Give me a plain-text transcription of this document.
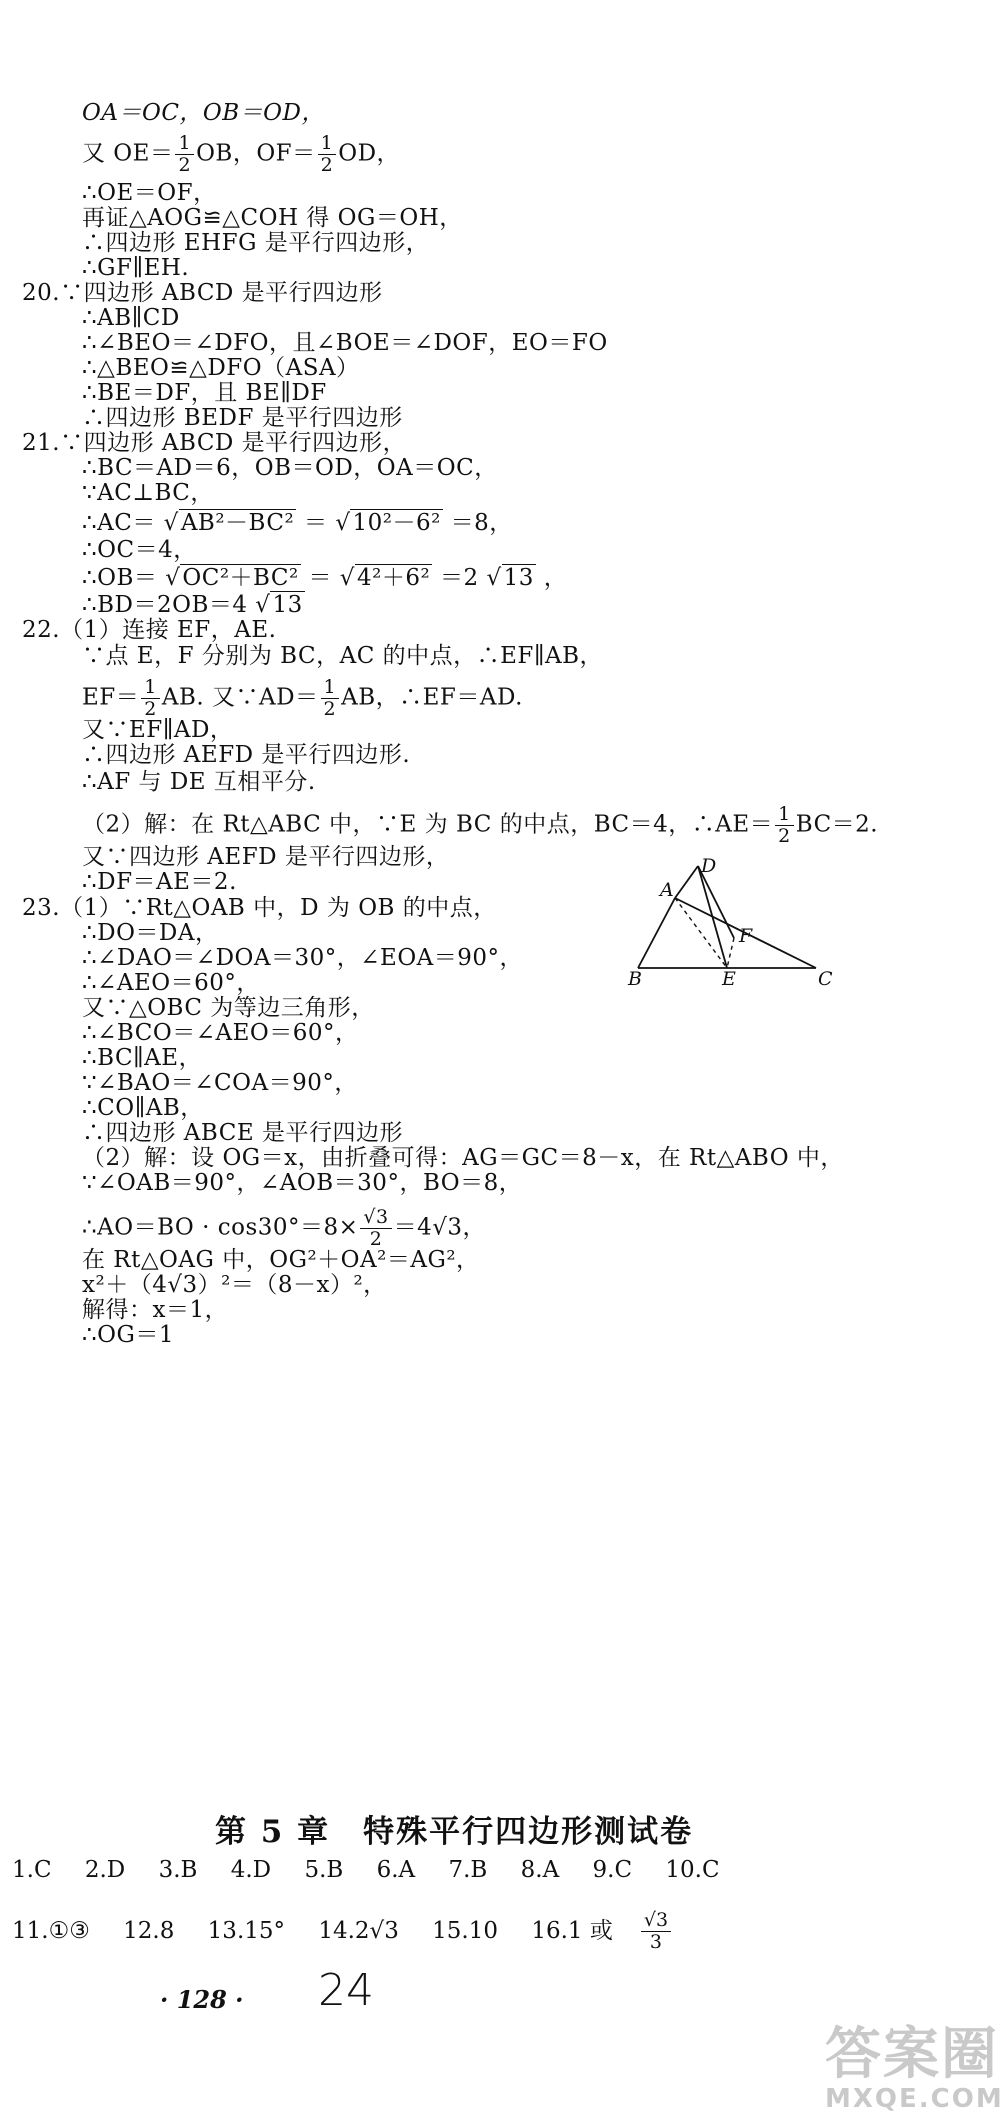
OA＝OC，OB＝OD，
又 $OE= \frac{1}{2}$ OB，$OF= \frac{1}{2}$ OD，
∴OE＝OF，
再证△AOG≌△COH 得 OG＝OH，
∴四边形 EHFG 是平行四边形，
∴GF∥EH.
20.∵四边形 ABCD 是平行四边形
∴AB∥CD
∴∠BEO＝∠DFO，且∠BOE＝∠DOF，EO＝FO
∴△BEO≌△DFO（ASA）
∴BE＝DF，且 BE∥DF
∴四边形 BEDF 是平行四边形
21.∵四边形 ABCD 是平行四边形，
∴BC＝AD＝6，OB＝OD，OA＝OC，
∵AC⊥BC，
∴AC＝ √AB²－BC² ＝ √10²－6² ＝8，
∴OC＝4，
∴OB＝ √OC²＋BC² ＝ √4²＋6² ＝2 √13 ，
∴BD＝2OB＝4 √13
22.（1）连接 EF，AE.
∵点 E，F 分别为 BC，AC 的中点，∴EF∥AB，
$EF= \frac{1}{2}$ AB. 又∵AD＝ $\frac{1}{2}$ AB，∴EF＝AD.
又∵EF∥AD，
∴四边形 AEFD 是平行四边形.
∴AF 与 DE 互相平分.
（2）解：在 Rt△ABC 中，∵E 为 BC 的中点，BC＝4，∴AE＝ $\frac{1}{2} BC=2$.
又∵四边形 AEFD 是平行四边形，
∴DF＝AE＝2.
23.（1）∵Rt△OAB 中，D 为 OB 的中点，
∴DO＝DA，
∴∠DAO＝∠DOA＝30°，∠EOA＝90°，
∴∠AEO＝60°，
又∵△OBC 为等边三角形，
∴∠BCO＝∠AEO＝60°，
∴BC∥AE，
∵∠BAO＝∠COA＝90°，
∴CO∥AB，
∴四边形 ABCE 是平行四边形
（2）解：设 OG＝x，由折叠可得：AG＝GC＝8－x，在 Rt△ABO 中，
∵∠OAB＝90°，∠AOB＝30°，BO＝8，
∴AO＝BO · $\cos 30^\circ=8\times \frac{√3}{2} =4√3$，
在 Rt△OAG 中，OG²＋OA²＝AG²，
x²＋（4√3）²＝（8－x）²，
解得：x＝1，
∴OG＝1
A
D
F
B	E	C
第 5 章　特殊平行四边形测试卷
1.C 2.D 3.B 4.D 5.B 6.A 7.B 8.A 9.C 10.C
11.①③ 12.8 13.15° 14.2√3 15.10 16.1 或 $\frac{√3}{3}$
· 128 · 24
答案圈
MXQE.COM
